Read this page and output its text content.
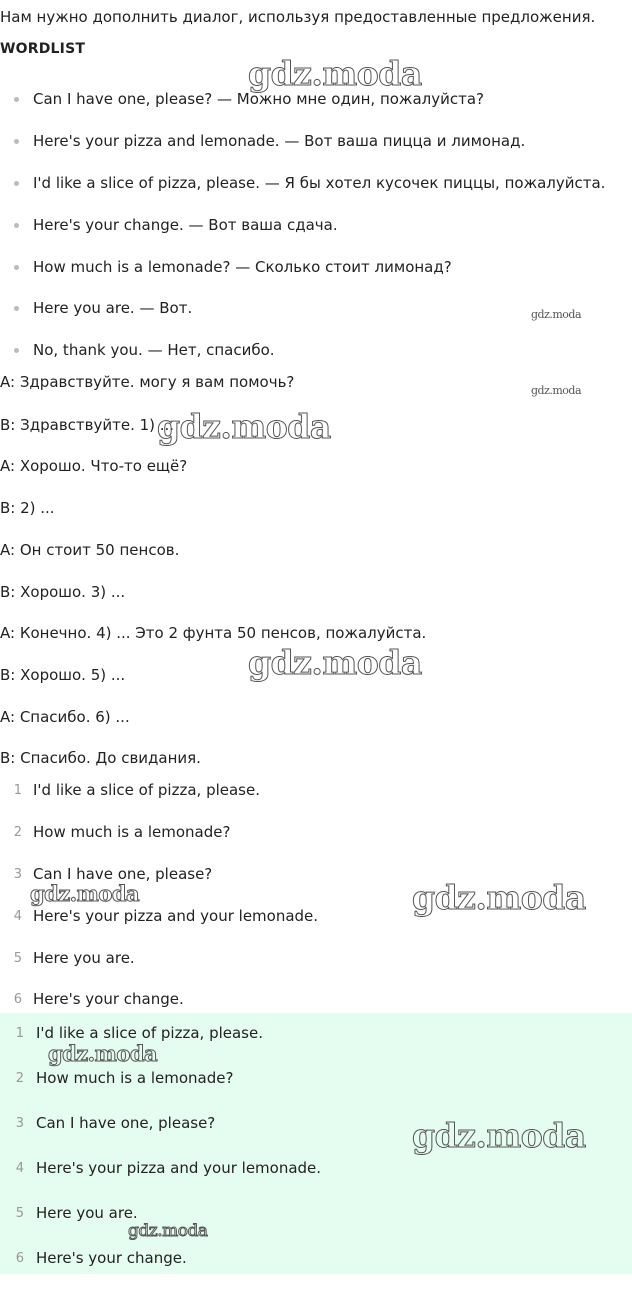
Нам нужно дополнить диалог, используя предоставленные предложения.
WORDLIST
Can I have one, please? — Можно мне один, пожалуйста?
Here's your pizza and lemonade. — Вот ваша пицца и лимонад.
I'd like a slice of pizza, please. — Я бы хотел кусочек пиццы, пожалуйста.
Here's your change. — Вот ваша сдача.
How much is a lemonade? — Сколько стоит лимонад?
Here you are. — Вот.
No, thank you. — Нет, спасибо.
A: Здравствуйте. могу я вам помочь?
B: Здравствуйте. 1) ...
A: Хорошо. Что-то ещё?
B: 2) ...
A: Он стоит 50 пенсов.
B: Хорошо. 3) ...
A: Конечно. 4) ... Это 2 фунта 50 пенсов, пожалуйста.
B: Хорошо. 5) ...
A: Спасибо. 6) ...
B: Спасибо. До свидания.
1 I'd like a slice of pizza, please.
2 How much is a lemonade?
3 Can I have one, please?
4 Here's your pizza and your lemonade.
5 Here you are.
6 Here's your change.
1 I'd like a slice of pizza, please.
2 How much is a lemonade?
3 Can I have one, please?
4 Here's your pizza and your lemonade.
5 Here you are.
6 Here's your change.
gdz.moda
gdz.moda
gdz.moda
gdz.moda
gdz.moda
gdz.moda	gdz.moda
gdz.moda
gdz.moda
gdz.moda
